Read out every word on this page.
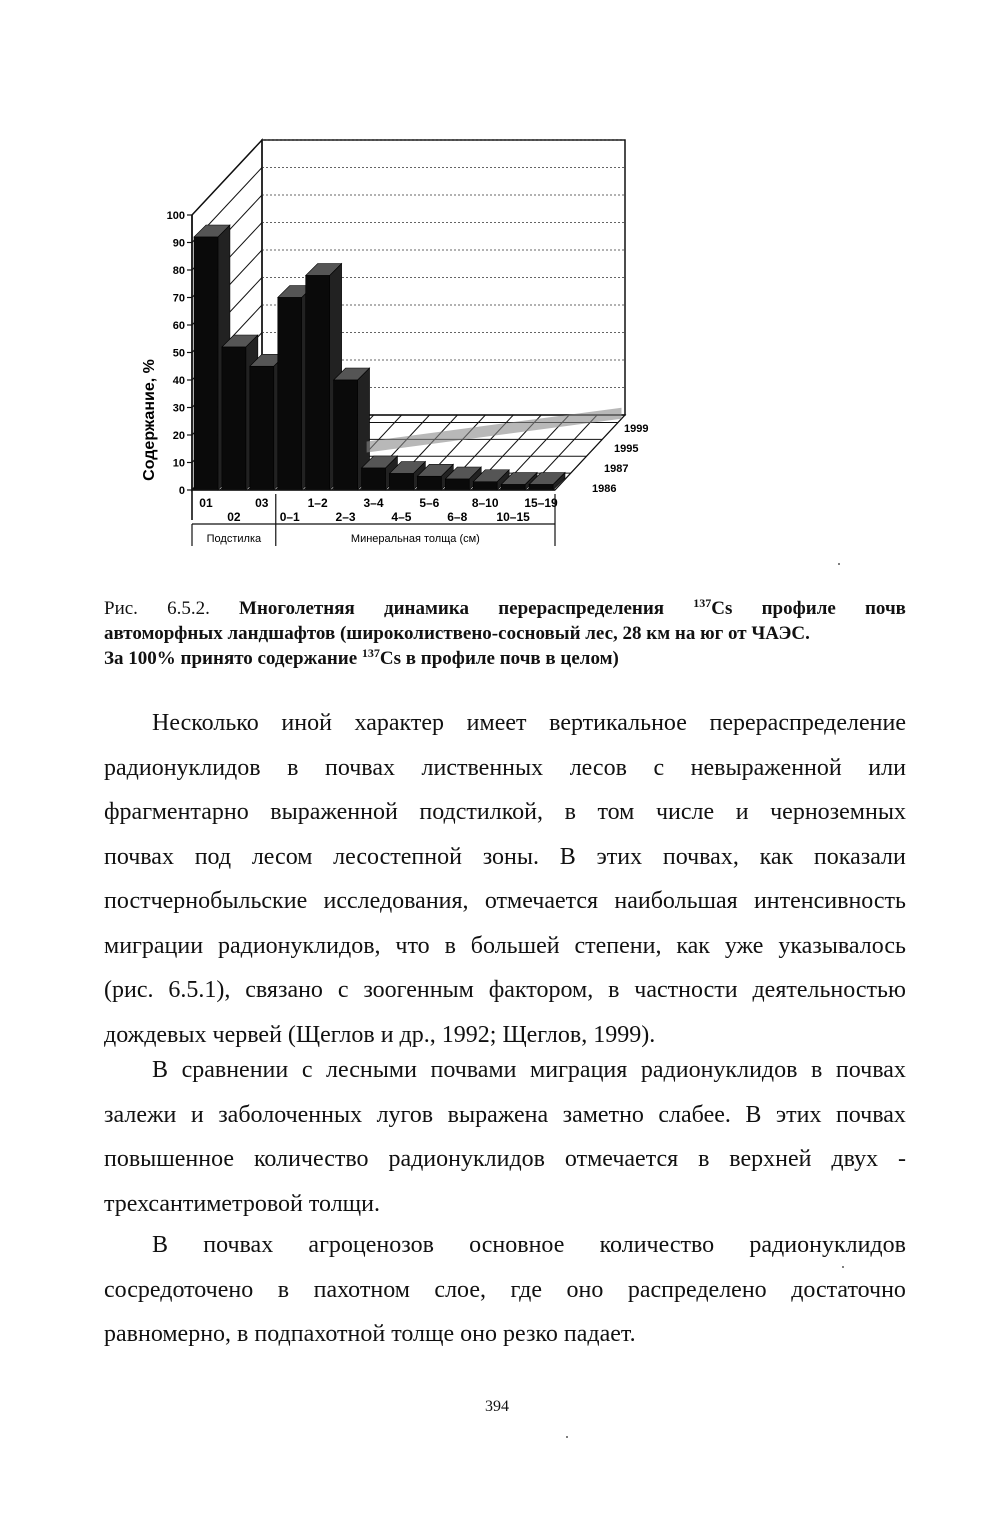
0
10
20
30
40
50
60
70
80
90
100
Содержание, %
01	03	1–2	3–4	5–6	8–10 15–19
02	0–1	2–3	4–5	6–8 10–15
1999
1995
1987
1986
Подстилка	Минеральная толща (см)
Рис. 6.5.2. Многолетняя динамика перераспределения $^{137}$Cs профиле почв
автоморфных ландшафтов (широколиствено-сосновый лес, 28 км на юг от ЧАЭС.
За 100% принято содержание $^{137}$Cs в профиле почв в целом)
Несколько иной характер имеет вертикальное перераспределение
радионуклидов в почвах лиственных лесов с невыраженной или
фрагментарно выраженной подстилкой, в том числе и черноземных
почвах под лесом лесостепной зоны. В этих почвах, как показали
постчернобыльские исследования, отмечается наибольшая интенсивность
миграции радионуклидов, что в большей степени, как уже указывалось
(рис. 6.5.1), связано с зоогенным фактором, в частности деятельностью
дождевых червей (Щеглов и др., 1992; Щеглов, 1999).
В сравнении с лесными почвами миграция радионуклидов в почвах
залежи и заболоченных лугов выражена заметно слабее. В этих почвах
повышенное количество радионуклидов отмечается в верхней двух -
трехсантиметровой толщи.
В почвах агроценозов основное количество радионуклидов
сосредоточено в пахотном слое, где оно распределено достаточно
равномерно, в подпахотной толще оно резко падает.
394
